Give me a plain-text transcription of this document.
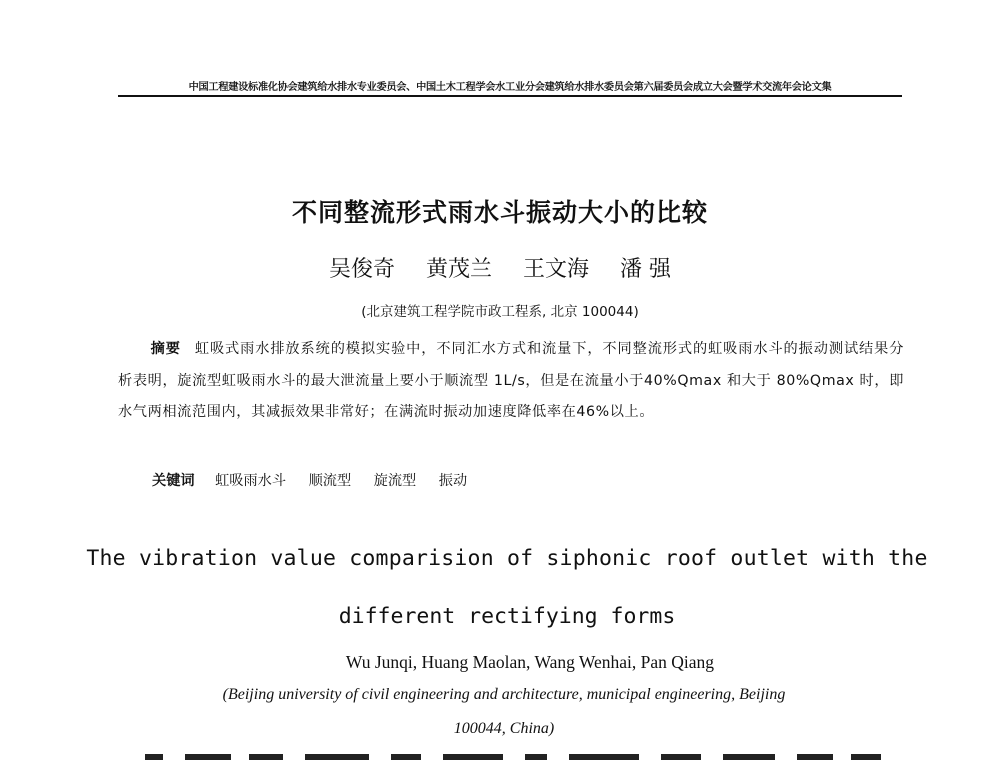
中国工程建设标准化协会建筑给水排水专业委员会、中国土木工程学会水工业分会建筑给水排水委员会第六届委员会成立大会暨学术交流年会论文集
不同整流形式雨水斗振动大小的比较
吴俊奇 黄茂兰 王文海 潘 强
(北京建筑工程学院市政工程系, 北京 100044)
摘要 虹吸式雨水排放系统的模拟实验中，不同汇水方式和流量下，不同整流形式的虹吸雨水斗的振动测试结果分析表明，旋流型虹吸雨水斗的最大泄流量上要小于顺流型 1L/s，但是在流量小于40%Qmax 和大于 80%Qmax 时，即水气两相流范围内，其减振效果非常好；在满流时振动加速度降低率在46%以上。
关键词 虹吸雨水斗 顺流型 旋流型 振动
The vibration value comparision of siphonic roof outlet with the
different rectifying forms
Wu Junqi, Huang Maolan, Wang Wenhai, Pan Qiang
(Beijing university of civil engineering and architecture, municipal engineering, Beijing
100044, China)
